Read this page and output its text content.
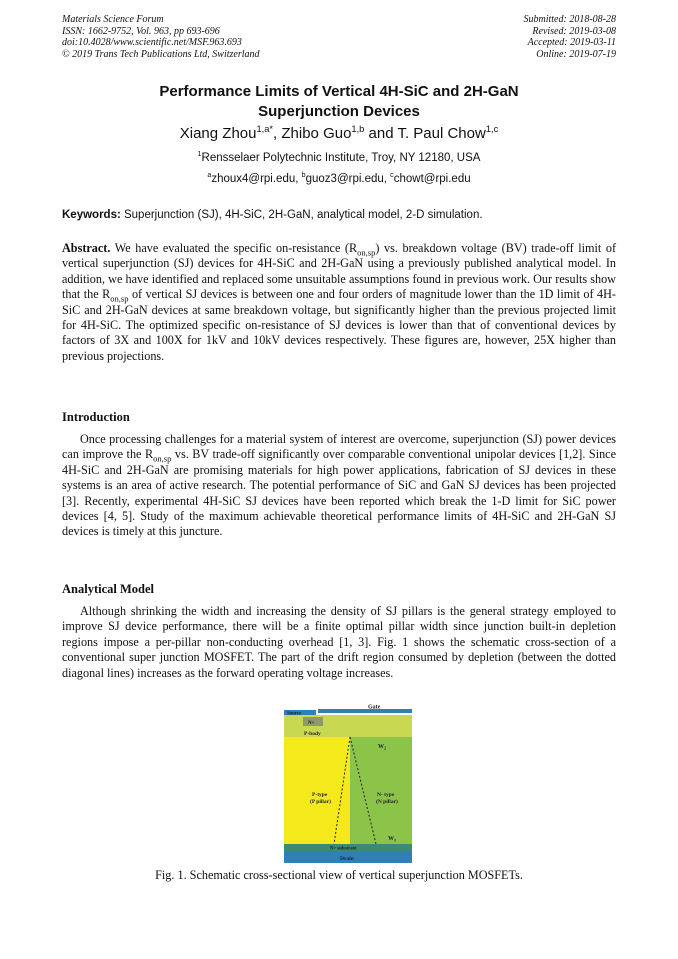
Materials Science Forum
ISSN: 1662-9752, Vol. 963, pp 693-696
doi:10.4028/www.scientific.net/MSF.963.693
© 2019 Trans Tech Publications Ltd, Switzerland
Submitted: 2018-08-28
Revised: 2019-03-08
Accepted: 2019-03-11
Online: 2019-07-19
Performance Limits of Vertical 4H-SiC and 2H-GaN
Superjunction Devices
Xiang Zhou$^{1,a*}$, Zhibo Guo$^{1,b}$ and T. Paul Chow$^{1,c}$
$^1$Rensselaer Polytechnic Institute, Troy, NY 12180, USA
$^a$zhoux4@rpi.edu, $^b$guoz3@rpi.edu, $^c$chowt@rpi.edu
Keywords: Superjunction (SJ), 4H-SiC, 2H-GaN, analytical model, 2-D simulation.

Abstract. We have evaluated the specific on-resistance $(R_{on,sp})$ vs. breakdown voltage (BV) trade-off limit of vertical superjunction (SJ) devices for 4H-SiC and 2H-GaN using a previously published analytical model. In addition, we have identified and replaced some unsuitable assumptions found in previous work. Our results show that the $R_{on,sp}$ of vertical SJ devices is between one and four orders of magnitude lower than the 1D limit of 4H-SiC and 2H-GaN devices at same breakdown voltage, but significantly higher than the previous projected limit for 4H-SiC. The optimized specific on-resistance of SJ devices is lower than that of conventional devices by factors of 3X and 100X for 1kV and 10kV devices respectively. These figures are, however, 25X higher than previous projections.

Introduction

Once processing challenges for a material system of interest are overcome, superjunction (SJ) power devices can improve the $R_{on,sp}$ vs. BV trade-off significantly over comparable conventional unipolar devices [1,2]. Since 4H-SiC and 2H-GaN are promising materials for high power applications, fabrication of SJ devices in these systems is an area of active research. The potential performance of SiC and GaN SJ devices has been projected [3]. Recently, experimental 4H-SiC SJ devices have been reported which break the 1-D limit for SiC power devices [4, 5]. Study of the maximum achievable theoretical performance limits of 4H-SiC and 2H-GaN SJ devices is timely at this juncture.

Analytical Model

Although shrinking the width and increasing the density of SJ pillars is the general strategy employed to improve SJ device performance, there will be a finite optimal pillar width since junction built-in depletion regions impose a per-pillar non-conducting overhead [1, 3]. Fig. 1 shows the schematic cross-section of a conventional super junction MOSFET. The part of the drift region consumed by depletion (between the dotted diagonal lines) increases as the forward operating voltage increases.

Gate
Source
N+
P-body
$W_2$
P-type
(P pillar)
N- type
(N pillar)
$W_1$
N+ substrate
Drain
Fig. 1. Schematic cross-sectional view of vertical superjunction MOSFETs.
